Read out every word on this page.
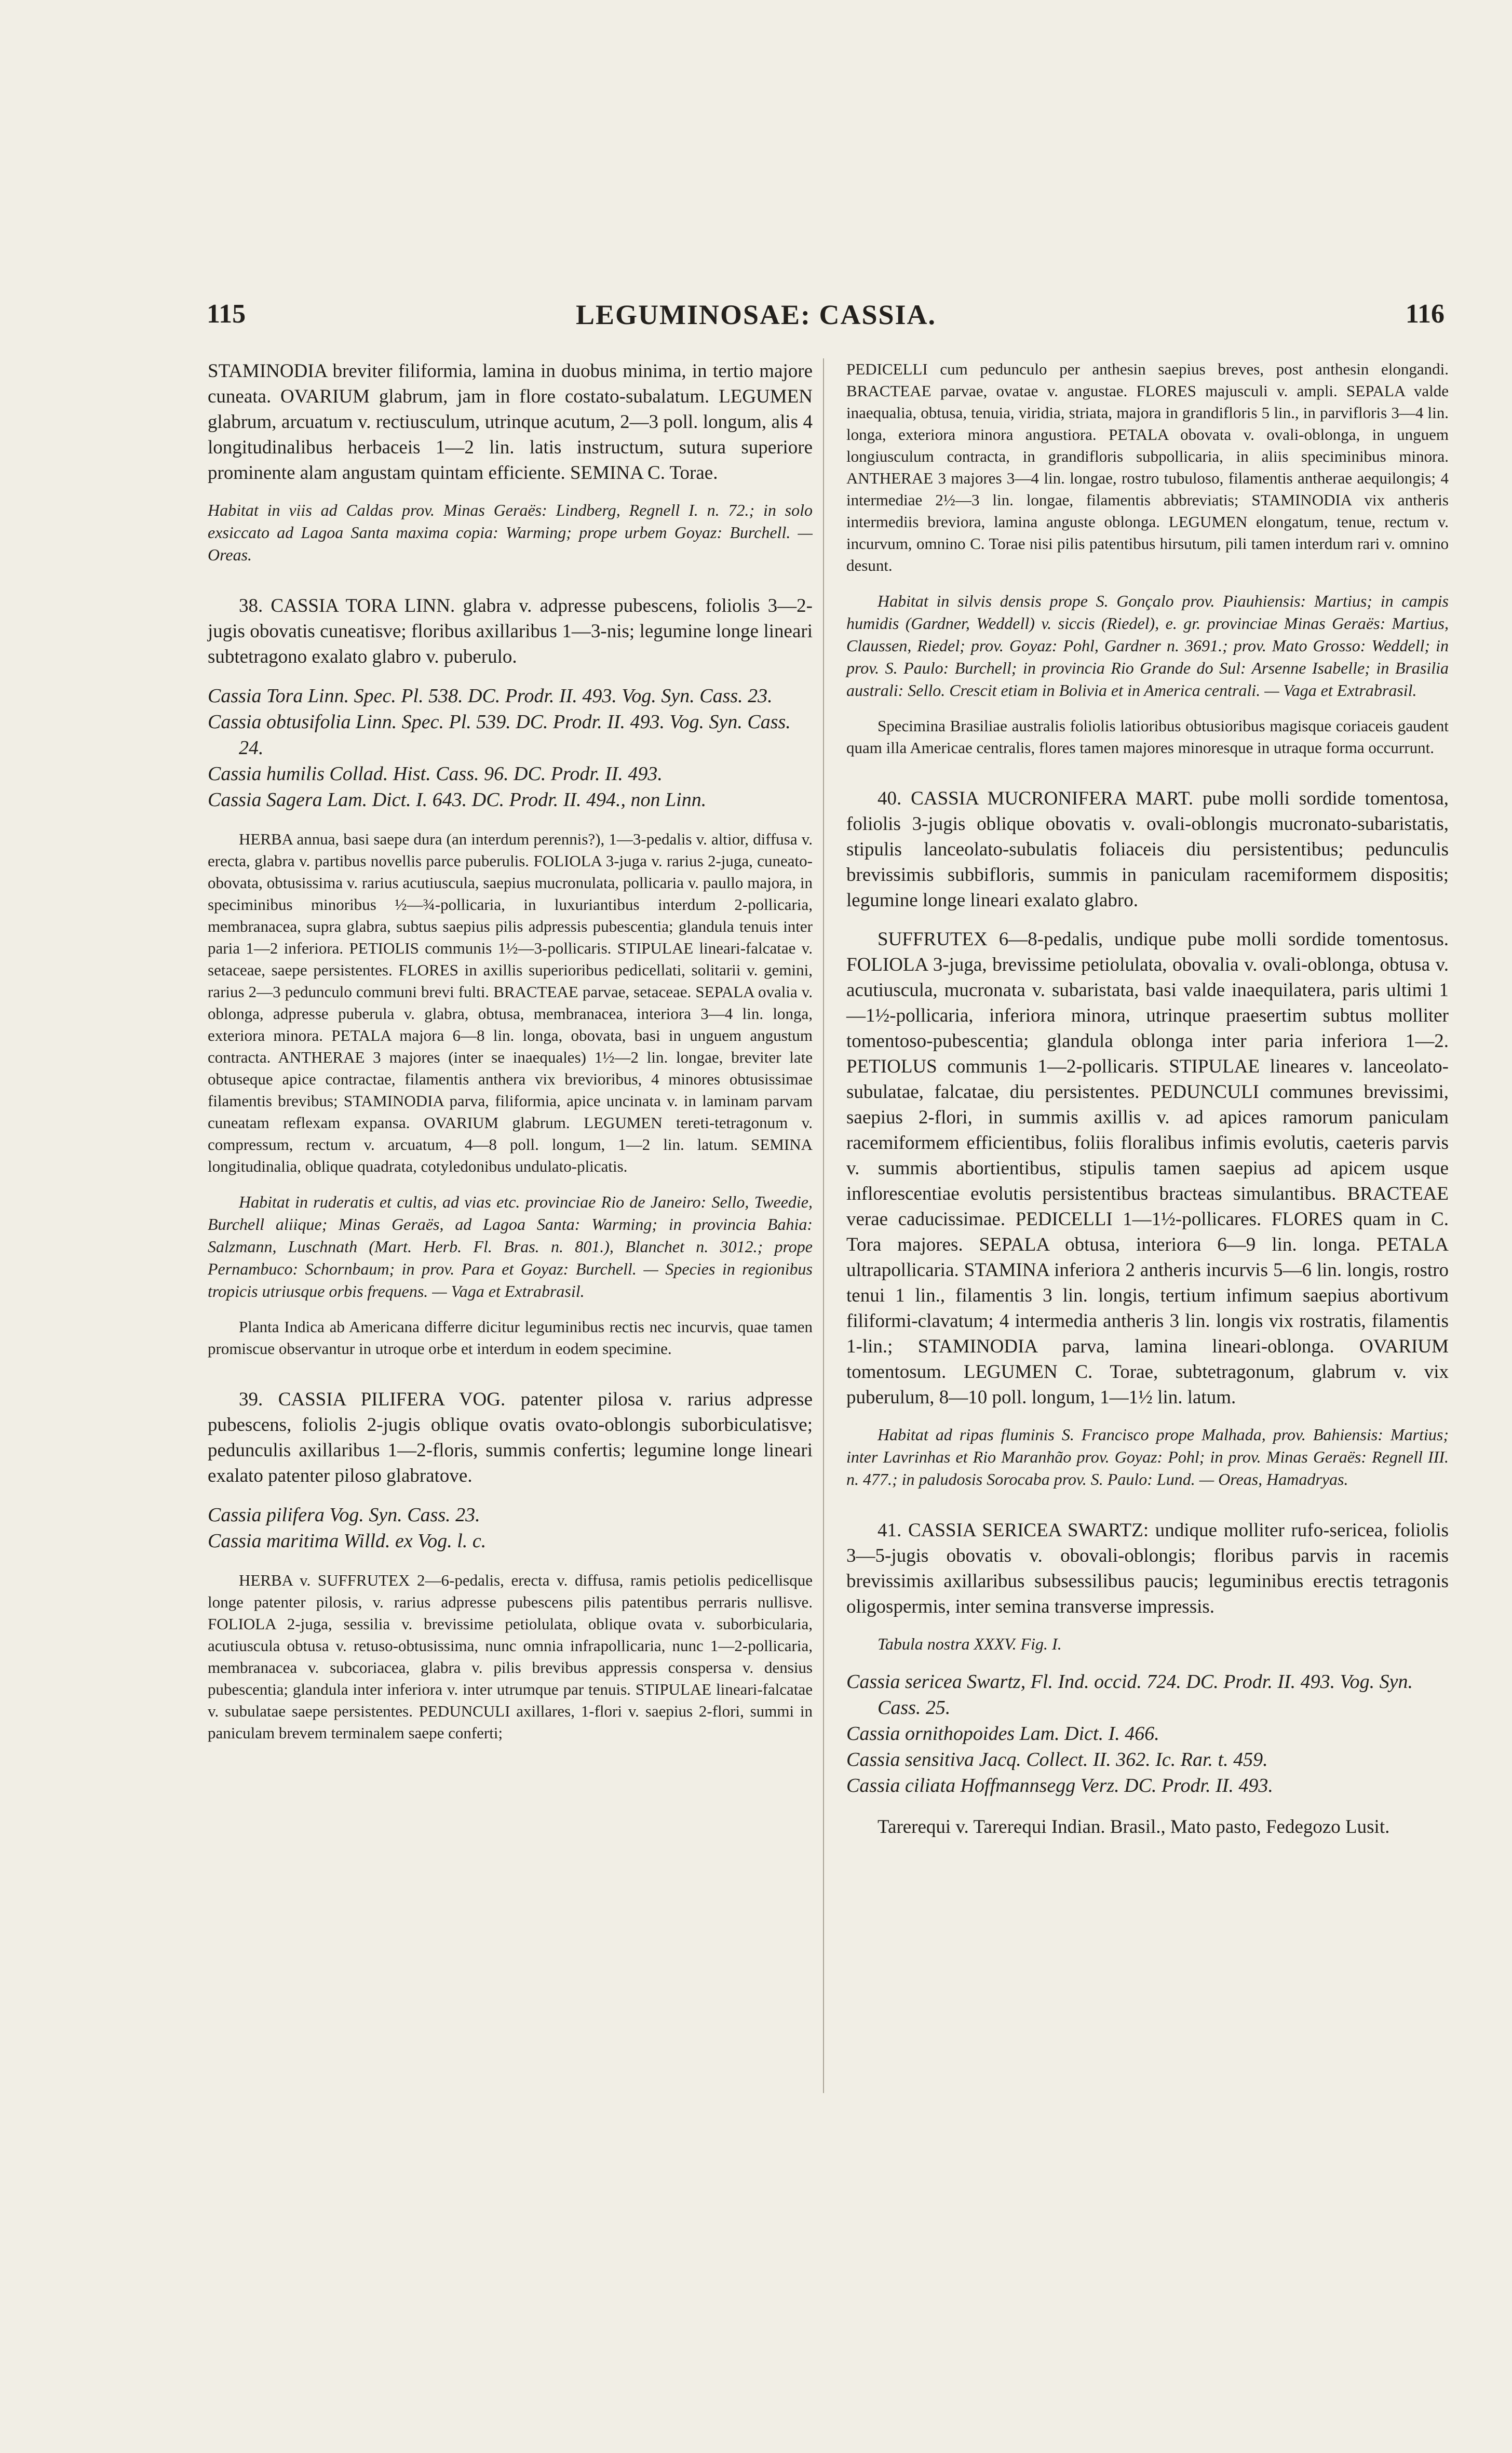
115	LEGUMINOSAE: CASSIA.	116

STAMINODIA breviter filiformia, lamina in duobus minima, in tertio majore cuneata. OVARIUM glabrum, jam in flore costato-subalatum. LEGUMEN glabrum, arcuatum v. rectiusculum, utrinque acutum, 2—3 poll. longum, alis 4 longitudinalibus herbaceis 1—2 lin. latis instructum, sutura superiore prominente alam angustam quintam efficiente. SEMINA C. Torae.

Habitat in viis ad Caldas prov. Minas Geraës: Lindberg, Regnell I. n. 72.; in solo exsiccato ad Lagoa Santa maxima copia: Warming; prope urbem Goyaz: Burchell. — Oreas.

38. CASSIA TORA LINN. glabra v. adpresse pubescens, foliolis 3—2-jugis obovatis cuneatisve; floribus axillaribus 1—3-nis; legumine longe lineari subtetragono exalato glabro v. puberulo.

Cassia Tora Linn. Spec. Pl. 538. DC. Prodr. II. 493. Vog. Syn. Cass. 23.

Cassia obtusifolia Linn. Spec. Pl. 539. DC. Prodr. II. 493. Vog. Syn. Cass. 24.

Cassia humilis Collad. Hist. Cass. 96. DC. Prodr. II. 493.

Cassia Sagera Lam. Dict. I. 643. DC. Prodr. II. 494., non Linn.

HERBA annua, basi saepe dura (an interdum perennis?), 1—3-pedalis v. altior, diffusa v. erecta, glabra v. partibus novellis parce puberulis. FOLIOLA 3-juga v. rarius 2-juga, cuneato-obovata, obtusissima v. rarius acutiuscula, saepius mucronulata, pollicaria v. paullo majora, in speciminibus minoribus ½—¾-pollicaria, in luxuriantibus interdum 2-pollicaria, membranacea, supra glabra, subtus saepius pilis adpressis pubescentia; glandula tenuis inter paria 1—2 inferiora. PETIOLIS communis 1½—3-pollicaris. STIPULAE lineari-falcatae v. setaceae, saepe persistentes. FLORES in axillis superioribus pedicellati, solitarii v. gemini, rarius 2—3 pedunculo communi brevi fulti. BRACTEAE parvae, setaceae. SEPALA ovalia v. oblonga, adpresse puberula v. glabra, obtusa, membranacea, interiora 3—4 lin. longa, exteriora minora. PETALA majora 6—8 lin. longa, obovata, basi in unguem angustum contracta. ANTHERAE 3 majores (inter se inaequales) 1½—2 lin. longae, breviter late obtuseque apice contractae, filamentis anthera vix brevioribus, 4 minores obtusissimae filamentis brevibus; STAMINODIA parva, filiformia, apice uncinata v. in laminam parvam cuneatam reflexam expansa. OVARIUM glabrum. LEGUMEN tereti-tetragonum v. compressum, rectum v. arcuatum, 4—8 poll. longum, 1—2 lin. latum. SEMINA longitudinalia, oblique quadrata, cotyledonibus undulato-plicatis.

Habitat in ruderatis et cultis, ad vias etc. provinciae Rio de Janeiro: Sello, Tweedie, Burchell aliique; Minas Geraës, ad Lagoa Santa: Warming; in provincia Bahia: Salzmann, Luschnath (Mart. Herb. Fl. Bras. n. 801.), Blanchet n. 3012.; prope Pernambuco: Schornbaum; in prov. Para et Goyaz: Burchell. — Species in regionibus tropicis utriusque orbis frequens. — Vaga et Extrabrasil.

Planta Indica ab Americana differre dicitur leguminibus rectis nec incurvis, quae tamen promiscue observantur in utroque orbe et interdum in eodem specimine.

39. CASSIA PILIFERA VOG. patenter pilosa v. rarius adpresse pubescens, foliolis 2-jugis oblique ovatis ovato-oblongis suborbiculatisve; pedunculis axillaribus 1—2-floris, summis confertis; legumine longe lineari exalato patenter piloso glabratove.

Cassia pilifera Vog. Syn. Cass. 23.

Cassia maritima Willd. ex Vog. l. c.

HERBA v. SUFFRUTEX 2—6-pedalis, erecta v. diffusa, ramis petiolis pedicellisque longe patenter pilosis, v. rarius adpresse pubescens pilis patentibus perraris nullisve. FOLIOLA 2-juga, sessilia v. brevissime petiolulata, oblique ovata v. suborbicularia, acutiuscula obtusa v. retuso-obtusissima, nunc omnia infrapollicaria, nunc 1—2-pollicaria, membranacea v. subcoriacea, glabra v. pilis brevibus appressis conspersa v. densius pubescentia; glandula inter inferiora v. inter utrumque par tenuis. STIPULAE lineari-falcatae v. subulatae saepe persistentes. PEDUNCULI axillares, 1-flori v. saepius 2-flori, summi in paniculam brevem terminalem saepe conferti;

PEDICELLI cum pedunculo per anthesin saepius breves, post anthesin elongandi. BRACTEAE parvae, ovatae v. angustae. FLORES majusculi v. ampli. SEPALA valde inaequalia, obtusa, tenuia, viridia, striata, majora in grandifloris 5 lin., in parvifloris 3—4 lin. longa, exteriora minora angustiora. PETALA obovata v. ovali-oblonga, in unguem longiusculum contracta, in grandifloris subpollicaria, in aliis speciminibus minora. ANTHERAE 3 majores 3—4 lin. longae, rostro tubuloso, filamentis antherae aequilongis; 4 intermediae 2½—3 lin. longae, filamentis abbreviatis; STAMINODIA vix antheris intermediis breviora, lamina anguste oblonga. LEGUMEN elongatum, tenue, rectum v. incurvum, omnino C. Torae nisi pilis patentibus hirsutum, pili tamen interdum rari v. omnino desunt.

Habitat in silvis densis prope S. Gonçalo prov. Piauhiensis: Martius; in campis humidis (Gardner, Weddell) v. siccis (Riedel), e. gr. provinciae Minas Geraës: Martius, Claussen, Riedel; prov. Goyaz: Pohl, Gardner n. 3691.; prov. Mato Grosso: Weddell; in prov. S. Paulo: Burchell; in provincia Rio Grande do Sul: Arsenne Isabelle; in Brasilia australi: Sello. Crescit etiam in Bolivia et in America centrali. — Vaga et Extrabrasil.

Specimina Brasiliae australis foliolis latioribus obtusioribus magisque coriaceis gaudent quam illa Americae centralis, flores tamen majores minoresque in utraque forma occurrunt.

40. CASSIA MUCRONIFERA MART. pube molli sordide tomentosa, foliolis 3-jugis oblique obovatis v. ovali-oblongis mucronato-subaristatis, stipulis lanceolato-subulatis foliaceis diu persistentibus; pedunculis brevissimis subbifloris, summis in paniculam racemiformem dispositis; legumine longe lineari exalato glabro.

SUFFRUTEX 6—8-pedalis, undique pube molli sordide tomentosus. FOLIOLA 3-juga, brevissime petiolulata, obovalia v. ovali-oblonga, obtusa v. acutiuscula, mucronata v. subaristata, basi valde inaequilatera, paris ultimi 1—1½-pollicaria, inferiora minora, utrinque praesertim subtus molliter tomentoso-pubescentia; glandula oblonga inter paria inferiora 1—2. PETIOLUS communis 1—2-pollicaris. STIPULAE lineares v. lanceolato-subulatae, falcatae, diu persistentes. PEDUNCULI communes brevissimi, saepius 2-flori, in summis axillis v. ad apices ramorum paniculam racemiformem efficientibus, foliis floralibus infimis evolutis, caeteris parvis v. summis abortientibus, stipulis tamen saepius ad apicem usque inflorescentiae evolutis persistentibus bracteas simulantibus. BRACTEAE verae caducissimae. PEDICELLI 1—1½-pollicares. FLORES quam in C. Tora majores. SEPALA obtusa, interiora 6—9 lin. longa. PETALA ultrapollicaria. STAMINA inferiora 2 antheris incurvis 5—6 lin. longis, rostro tenui 1 lin., filamentis 3 lin. longis, tertium infimum saepius abortivum filiformi-clavatum; 4 intermedia antheris 3 lin. longis vix rostratis, filamentis 1-lin.; STAMINODIA parva, lamina lineari-oblonga. OVARIUM tomentosum. LEGUMEN C. Torae, subtetragonum, glabrum v. vix puberulum, 8—10 poll. longum, 1—1½ lin. latum.

Habitat ad ripas fluminis S. Francisco prope Malhada, prov. Bahiensis: Martius; inter Lavrinhas et Rio Maranhão prov. Goyaz: Pohl; in prov. Minas Geraës: Regnell III. n. 477.; in paludosis Sorocaba prov. S. Paulo: Lund. — Oreas, Hamadryas.

41. CASSIA SERICEA SWARTZ: undique molliter rufo-sericea, foliolis 3—5-jugis obovatis v. obovali-oblongis; floribus parvis in racemis brevissimis axillaribus subsessilibus paucis; leguminibus erectis tetragonis oligospermis, inter semina transverse impressis.

Tabula nostra XXXV. Fig. I.

Cassia sericea Swartz, Fl. Ind. occid. 724. DC. Prodr. II. 493. Vog. Syn. Cass. 25.

Cassia ornithopoides Lam. Dict. I. 466.

Cassia sensitiva Jacq. Collect. II. 362. Ic. Rar. t. 459.

Cassia ciliata Hoffmannsegg Verz. DC. Prodr. II. 493.

Tarerequi v. Tarerequi Indian. Brasil., Mato pasto, Fedegozo Lusit.
